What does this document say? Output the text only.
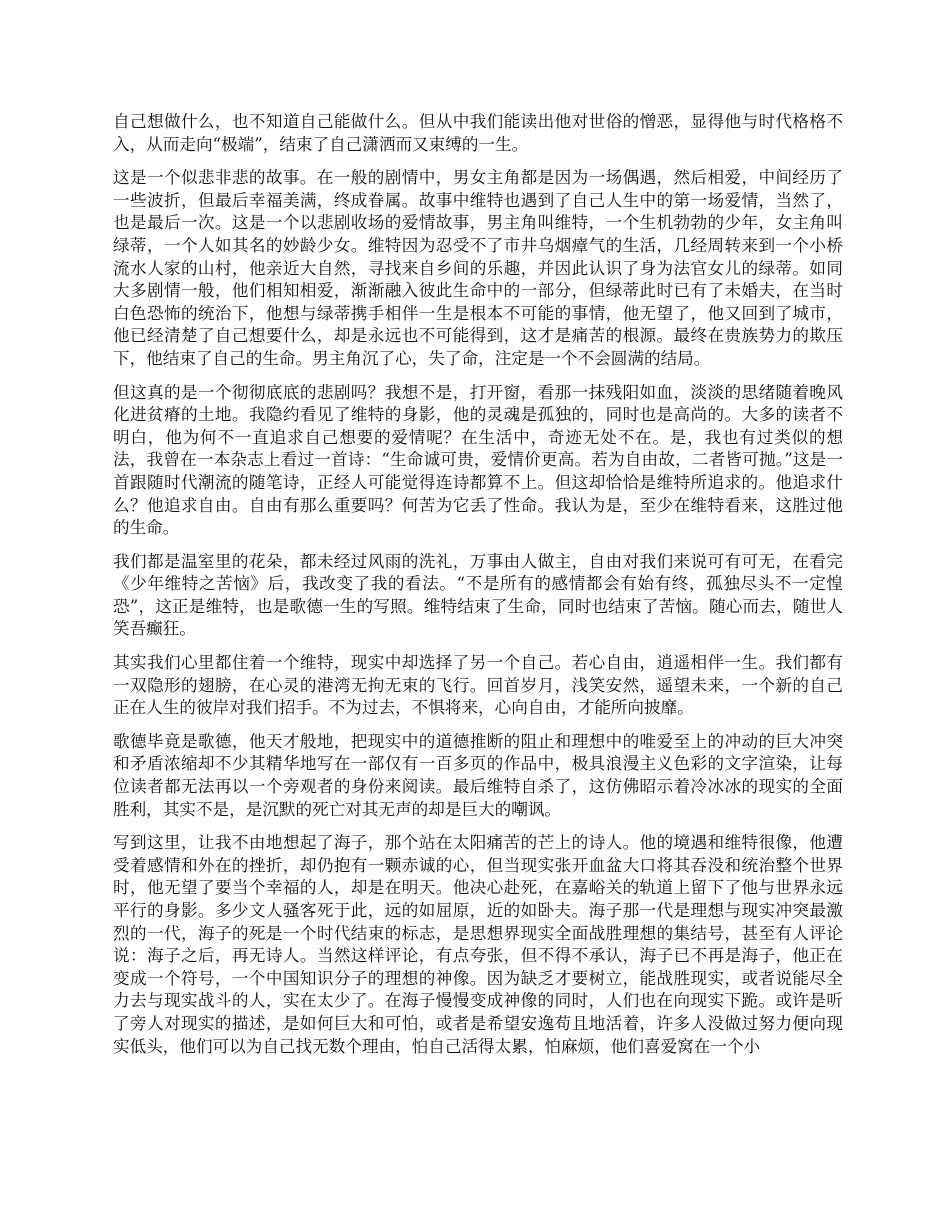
自己想做什么，也不知道自己能做什么。但从中我们能读出他对世俗的憎恶，显得他与时代格格不入，从而走向“极端”，结束了自己潇洒而又束缚的一生。

这是一个似悲非悲的故事。在一般的剧情中，男女主角都是因为一场偶遇，然后相爱，中间经历了一些波折，但最后幸福美满，终成眷属。故事中维特也遇到了自己人生中的第一场爱情，当然了，也是最后一次。这是一个以悲剧收场的爱情故事，男主角叫维特，一个生机勃勃的少年，女主角叫绿蒂，一个人如其名的妙龄少女。维特因为忍受不了市井乌烟瘴气的生活，几经周转来到一个小桥流水人家的山村，他亲近大自然，寻找来自乡间的乐趣，并因此认识了身为法官女儿的绿蒂。如同大多剧情一般，他们相知相爱，渐渐融入彼此生命中的一部分，但绿蒂此时已有了未婚夫，在当时白色恐怖的统治下，他想与绿蒂携手相伴一生是根本不可能的事情，他无望了，他又回到了城市，他已经清楚了自己想要什么，却是永远也不可能得到，这才是痛苦的根源。最终在贵族势力的欺压下，他结束了自己的生命。男主角沉了心，失了命，注定是一个不会圆满的结局。

但这真的是一个彻彻底底的悲剧吗？我想不是，打开窗，看那一抹残阳如血，淡淡的思绪随着晚风化进贫瘠的土地。我隐约看见了维特的身影，他的灵魂是孤独的，同时也是高尚的。大多的读者不明白，他为何不一直追求自己想要的爱情呢？在生活中，奇迹无处不在。是，我也有过类似的想法，我曾在一本杂志上看过一首诗：“生命诚可贵，爱情价更高。若为自由故，二者皆可抛。”这是一首跟随时代潮流的随笔诗，正经人可能觉得连诗都算不上。但这却恰恰是维特所追求的。他追求什么？他追求自由。自由有那么重要吗？何苦为它丢了性命。我认为是，至少在维特看来，这胜过他的生命。

我们都是温室里的花朵，都未经过风雨的洗礼，万事由人做主，自由对我们来说可有可无，在看完《少年维特之苦恼》后，我改变了我的看法。“不是所有的感情都会有始有终，孤独尽头不一定惶恐”，这正是维特，也是歌德一生的写照。维特结束了生命，同时也结束了苦恼。随心而去，随世人笑吾癫狂。

其实我们心里都住着一个维特，现实中却选择了另一个自己。若心自由，逍遥相伴一生。我们都有一双隐形的翅膀，在心灵的港湾无拘无束的飞行。回首岁月，浅笑安然，遥望未来，一个新的自己正在人生的彼岸对我们招手。不为过去，不惧将来，心向自由，才能所向披靡。

歌德毕竟是歌德，他天才般地，把现实中的道德推断的阻止和理想中的唯爱至上的冲动的巨大冲突和矛盾浓缩却不少其精华地写在一部仅有一百多页的作品中，极具浪漫主义色彩的文字渲染，让每位读者都无法再以一个旁观者的身份来阅读。最后维特自杀了，这仿佛昭示着冷冰冰的现实的全面胜利，其实不是，是沉默的死亡对其无声的却是巨大的嘲讽。

写到这里，让我不由地想起了海子，那个站在太阳痛苦的芒上的诗人。他的境遇和维特很像，他遭受着感情和外在的挫折，却仍抱有一颗赤诚的心，但当现实张开血盆大口将其吞没和统治整个世界时，他无望了要当个幸福的人，却是在明天。他决心赴死，在嘉峪关的轨道上留下了他与世界永远平行的身影。多少文人骚客死于此，远的如屈原，近的如卧夫。海子那一代是理想与现实冲突最激烈的一代，海子的死是一个时代结束的标志，是思想界现实全面战胜理想的集结号，甚至有人评论说：海子之后，再无诗人。当然这样评论，有点夸张，但不得不承认，海子已不再是海子，他正在变成一个符号，一个中国知识分子的理想的神像。因为缺乏才要树立，能战胜现实，或者说能尽全力去与现实战斗的人，实在太少了。在海子慢慢变成神像的同时，人们也在向现实下跪。或许是听了旁人对现实的描述，是如何巨大和可怕，或者是希望安逸苟且地活着，许多人没做过努力便向现实低头，他们可以为自己找无数个理由，怕自己活得太累，怕麻烦，他们喜爱窝在一个小
